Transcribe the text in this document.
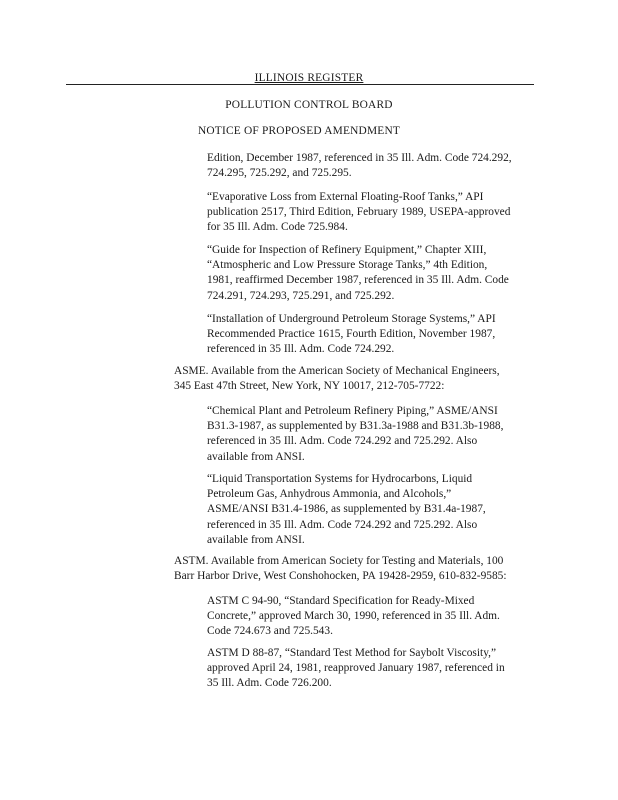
ILLINOIS REGISTER
POLLUTION CONTROL BOARD
NOTICE OF PROPOSED AMENDMENT

Edition, December 1987, referenced in 35 Ill. Adm. Code 724.292,
724.295, 725.292, and 725.295.

“Evaporative Loss from External Floating-Roof Tanks,” API
publication 2517, Third Edition, February 1989, USEPA-approved
for 35 Ill. Adm. Code 725.984.

“Guide for Inspection of Refinery Equipment,” Chapter XIII,
“Atmospheric and Low Pressure Storage Tanks,” 4th Edition,
1981, reaffirmed December 1987, referenced in 35 Ill. Adm. Code
724.291, 724.293, 725.291, and 725.292.

“Installation of Underground Petroleum Storage Systems,” API
Recommended Practice 1615, Fourth Edition, November 1987,
referenced in 35 Ill. Adm. Code 724.292.

ASME. Available from the American Society of Mechanical Engineers,
345 East 47th Street, New York, NY 10017, 212-705-7722:

“Chemical Plant and Petroleum Refinery Piping,” ASME/ANSI
B31.3-1987, as supplemented by B31.3a-1988 and B31.3b-1988,
referenced in 35 Ill. Adm. Code 724.292 and 725.292. Also
available from ANSI.

“Liquid Transportation Systems for Hydrocarbons, Liquid
Petroleum Gas, Anhydrous Ammonia, and Alcohols,”
ASME/ANSI B31.4-1986, as supplemented by B31.4a-1987,
referenced in 35 Ill. Adm. Code 724.292 and 725.292. Also
available from ANSI.

ASTM. Available from American Society for Testing and Materials, 100
Barr Harbor Drive, West Conshohocken, PA 19428-2959, 610-832-9585:

ASTM C 94-90, “Standard Specification for Ready-Mixed
Concrete,” approved March 30, 1990, referenced in 35 Ill. Adm.
Code 724.673 and 725.543.

ASTM D 88-87, “Standard Test Method for Saybolt Viscosity,”
approved April 24, 1981, reapproved January 1987, referenced in
35 Ill. Adm. Code 726.200.
